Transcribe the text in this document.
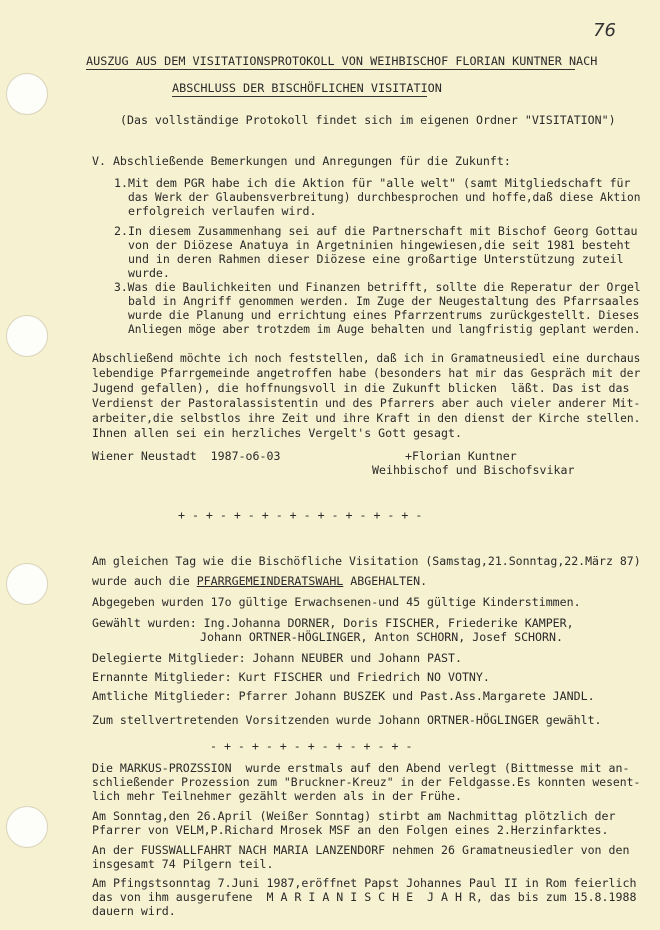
76
AUSZUG AUS DEM VISITATIONSPROTOKOLL VON WEIHBISCHOF FLORIAN KUNTNER NACH
ABSCHLUSS DER BISCHÖFLICHEN VISITATION
(Das vollständige Protokoll findet sich im eigenen Ordner "VISITATION")
V. Abschließende Bemerkungen und Anregungen für die Zukunft:
1.Mit dem PGR habe ich die Aktion für "alle welt" (samt Mitgliedschaft für
das Werk der Glaubensverbreitung) durchbesprochen und hoffe,daß diese Aktion
erfolgreich verlaufen wird.
2.In diesem Zusammenhang sei auf die Partnerschaft mit Bischof Georg Gottau
von der Diözese Anatuya in Argetninien hingewiesen,die seit 1981 besteht
und in deren Rahmen dieser Diözese eine großartige Unterstützung zuteil
wurde.
3.Was die Baulichkeiten und Finanzen betrifft, sollte die Reperatur der Orgel
bald in Angriff genommen werden. Im Zuge der Neugestaltung des Pfarrsaales
wurde die Planung und errichtung eines Pfarrzentrums zurückgestellt. Dieses
Anliegen möge aber trotzdem im Auge behalten und langfristig geplant werden.
Abschließend möchte ich noch feststellen, daß ich in Gramatneusiedl eine durchaus
lebendige Pfarrgemeinde angetroffen habe (besonders hat mir das Gespräch mit der
Jugend gefallen), die hoffnungsvoll in die Zukunft blicken  läßt. Das ist das
Verdienst der Pastoralassistentin und des Pfarrers aber auch vieler anderer Mit-
arbeiter,die selbstlos ihre Zeit und ihre Kraft in den dienst der Kirche stellen.
Ihnen allen sei ein herzliches Vergelt's Gott gesagt.
Wiener Neustadt  1987-o6-03	+Florian Kuntner
Weihbischof und Bischofsvikar
+ - + - + - + - + - + - + - + - + -
Am gleichen Tag wie die Bischöfliche Visitation (Samstag,21.Sonntag,22.März 87)
wurde auch die PFARRGEMEINDERATSWAHL ABGEHALTEN.
Abgegeben wurden 17o gültige Erwachsenen-und 45 gültige Kinderstimmen.
Gewählt wurden: Ing.Johanna DORNER, Doris FISCHER, Friederike KAMPER,
Johann ORTNER-HÖGLINGER, Anton SCHORN, Josef SCHORN.
Delegierte Mitglieder: Johann NEUBER und Johann PAST.
Ernannte Mitglieder: Kurt FISCHER und Friedrich NO VOTNY.
Amtliche Mitglieder: Pfarrer Johann BUSZEK und Past.Ass.Margarete JANDL.
Zum stellvertretenden Vorsitzenden wurde Johann ORTNER-HÖGLINGER gewählt.
- + - + - + - + - + - + - + -
Die MARKUS-PROZSSION  wurde erstmals auf den Abend verlegt (Bittmesse mit an-
schließender Prozession zum "Bruckner-Kreuz" in der Feldgasse.Es konnten wesent-
lich mehr Teilnehmer gezählt werden als in der Frühe.
Am Sonntag,den 26.April (Weißer Sonntag) stirbt am Nachmittag plötzlich der
Pfarrer von VELM,P.Richard Mrosek MSF an den Folgen eines 2.Herzinfarktes.
An der FUSSWALLFAHRT NACH MARIA LANZENDORF nehmen 26 Gramatneusiedler von den
insgesamt 74 Pilgern teil.
Am Pfingstsonntag 7.Juni 1987,eröffnet Papst Johannes Paul II in Rom feierlich
das von ihm ausgerufene  M A R I A N I S C H E  J A H R, das bis zum 15.8.1988
dauern wird.
